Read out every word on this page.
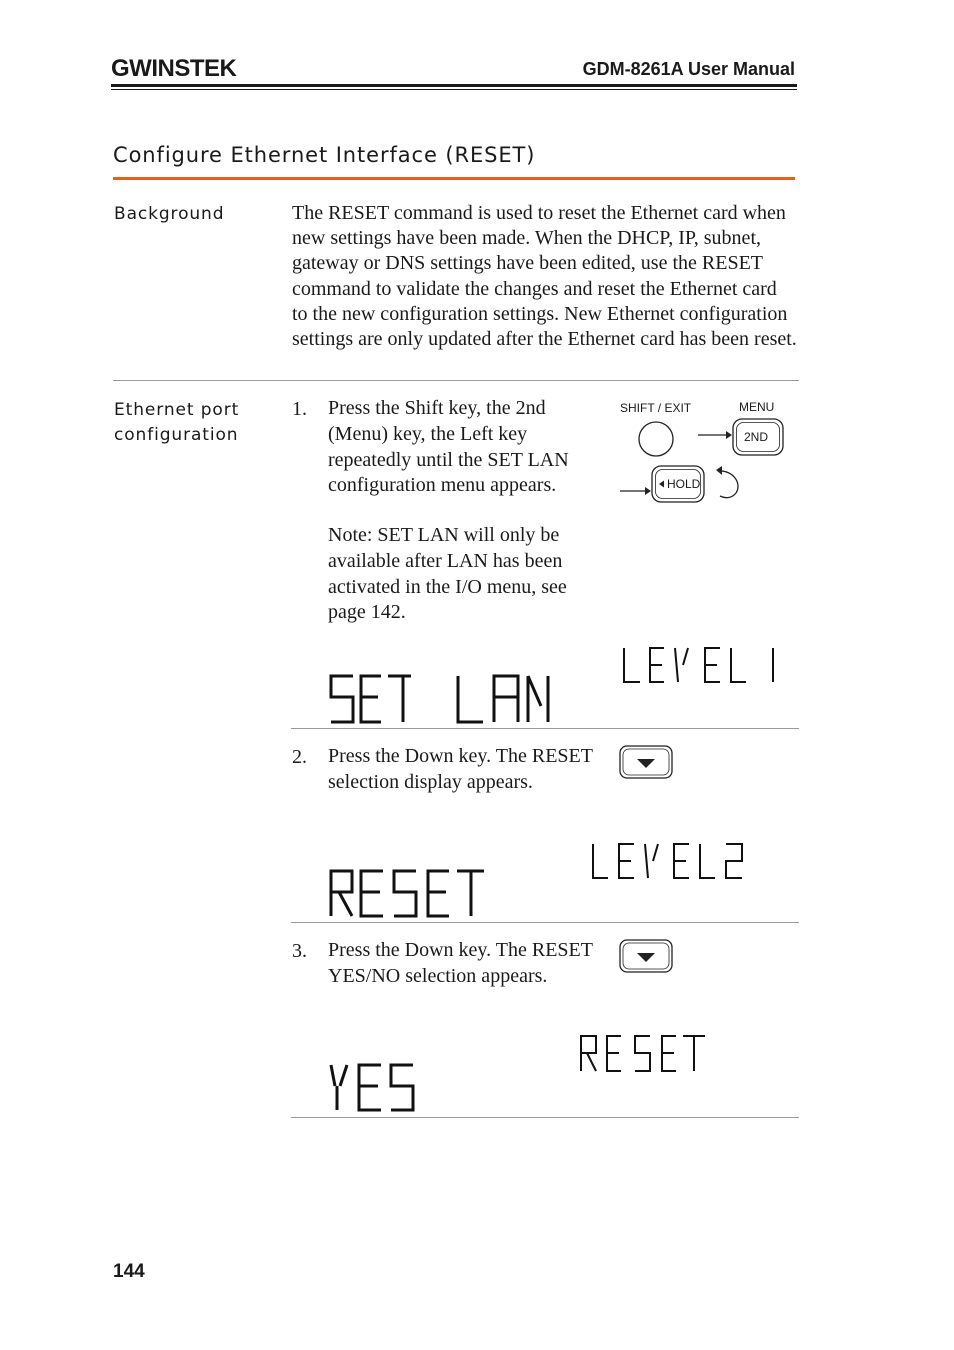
GWINSTEK	GDM-8261A User Manual
Configure Ethernet Interface (RESET)
Background	The RESET command is used to reset the Ethernet card when new settings have been made. When the DHCP, IP, subnet, gateway or DNS settings have been edited, use the RESET command to validate the changes and reset the Ethernet card to the new configuration settings. New Ethernet configuration settings are only updated after the Ethernet card has been reset.
Ethernet port
configuration
1. Press the Shift key, the 2nd (Menu) key, the Left key repeatedly until the SET LAN configuration menu appears.
Note: SET LAN will only be available after LAN has been activated in the I/O menu, see page 142.
SHIFT / EXIT	MENU
2ND
HOLD
2. Press the Down key. The RESET selection display appears.
3. Press the Down key. The RESET YES/NO selection appears.
144
